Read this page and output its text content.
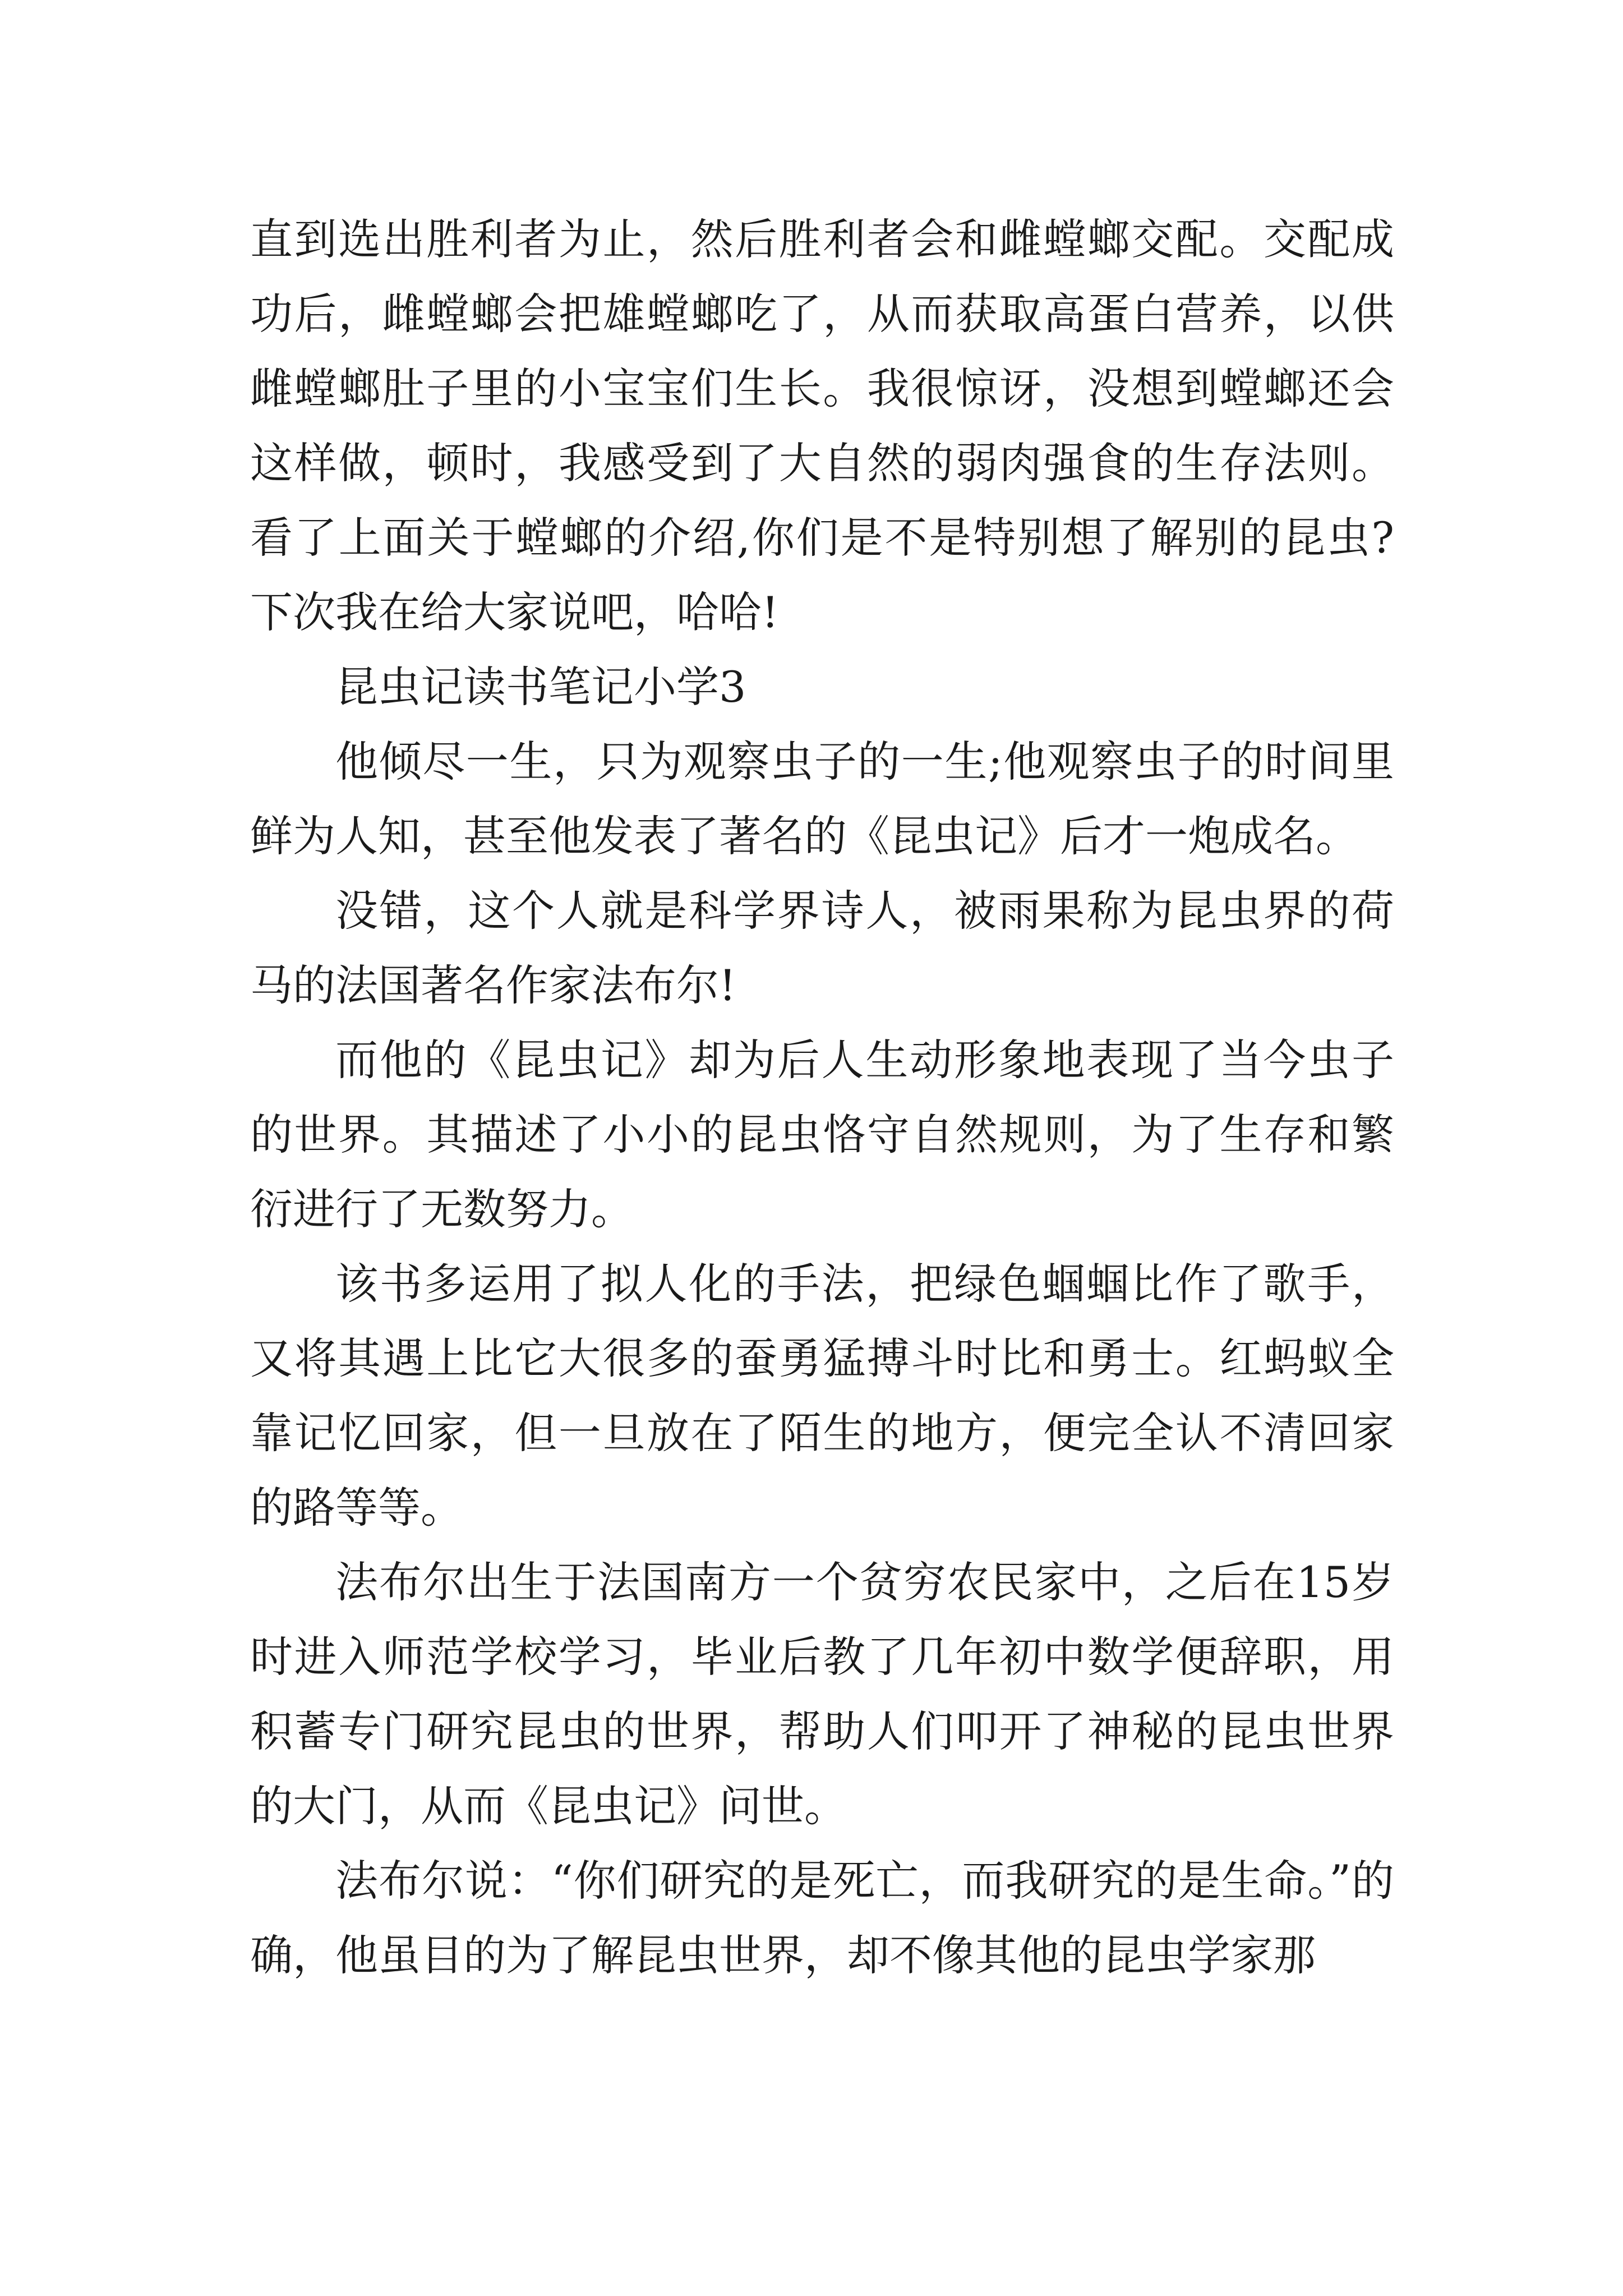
直到选出胜利者为止，然后胜利者会和雌螳螂交配。交配成功后，雌螳螂会把雄螳螂吃了，从而获取高蛋白营养，以供雌螳螂肚子里的小宝宝们生长。我很惊讶，没想到螳螂还会这样做，顿时，我感受到了大自然的弱肉强食的生存法则。看了上面关于螳螂的介绍,你们是不是特别想了解别的昆虫?下次我在给大家说吧，哈哈!

昆虫记读书笔记小学3

他倾尽一生，只为观察虫子的一生;他观察虫子的时间里鲜为人知，甚至他发表了著名的《昆虫记》后才一炮成名。

没错，这个人就是科学界诗人，被雨果称为昆虫界的荷马的法国著名作家法布尔!

而他的《昆虫记》却为后人生动形象地表现了当今虫子的世界。其描述了小小的昆虫恪守自然规则，为了生存和繁衍进行了无数努力。

该书多运用了拟人化的手法，把绿色蝈蝈比作了歌手，又将其遇上比它大很多的蚕勇猛搏斗时比和勇士。红蚂蚁全靠记忆回家，但一旦放在了陌生的地方，便完全认不清回家的路等等。

法布尔出生于法国南方一个贫穷农民家中，之后在15岁时进入师范学校学习，毕业后教了几年初中数学便辞职，用积蓄专门研究昆虫的世界，帮助人们叩开了神秘的昆虫世界的大门，从而《昆虫记》问世。

法布尔说：“你们研究的是死亡，而我研究的是生命。”的确，他虽目的为了解昆虫世界，却不像其他的昆虫学家那
